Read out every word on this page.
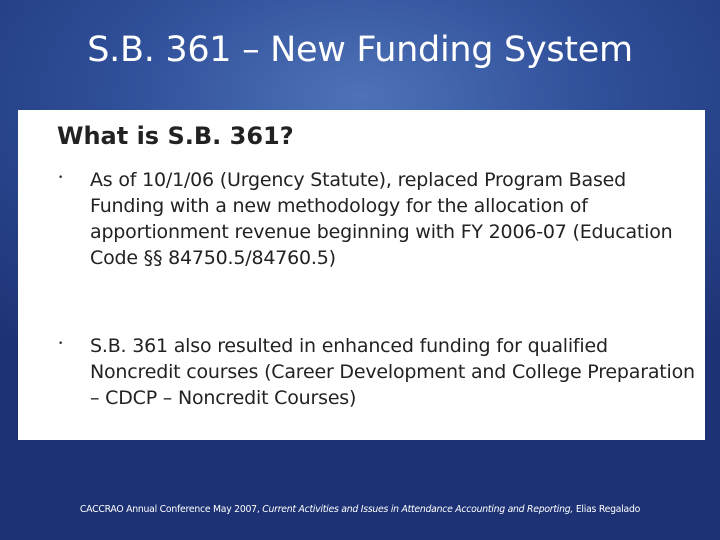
S.B. 361 – New Funding System
What is S.B. 361?
• As of 10/1/06 (Urgency Statute), replaced Program Based Funding with a new methodology for the allocation of apportionment revenue beginning with FY 2006-07 (Education Code §§ 84750.5/84760.5)
• S.B. 361 also resulted in enhanced funding for qualified Noncredit courses (Career Development and College Preparation – CDCP – Noncredit Courses)
CACCRAO Annual Conference May 2007, Current Activities and Issues in Attendance Accounting and Reporting, Elias Regalado
